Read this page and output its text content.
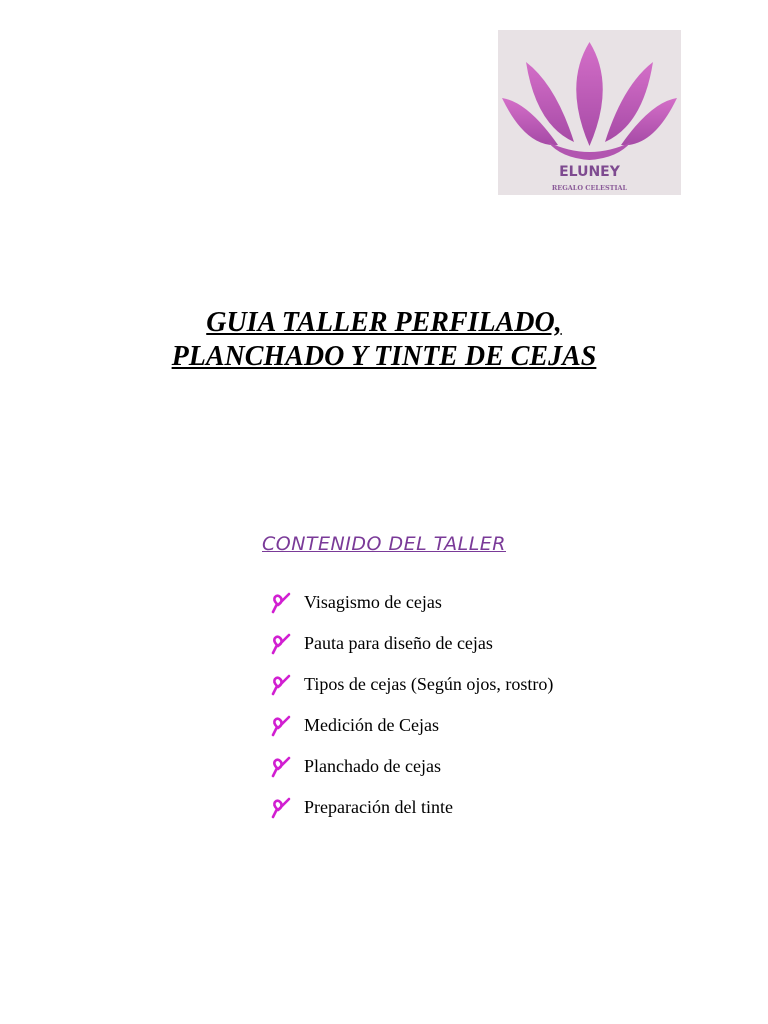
ELUNEY
REGALO CELESTIAL
GUIA TALLER PERFILADO,
PLANCHADO Y TINTE DE CEJAS
CONTENIDO DEL TALLER
Visagismo de cejas
Pauta para diseño de cejas
Tipos de cejas (Según ojos, rostro)
Medición de Cejas
Planchado de cejas
Preparación del tinte
